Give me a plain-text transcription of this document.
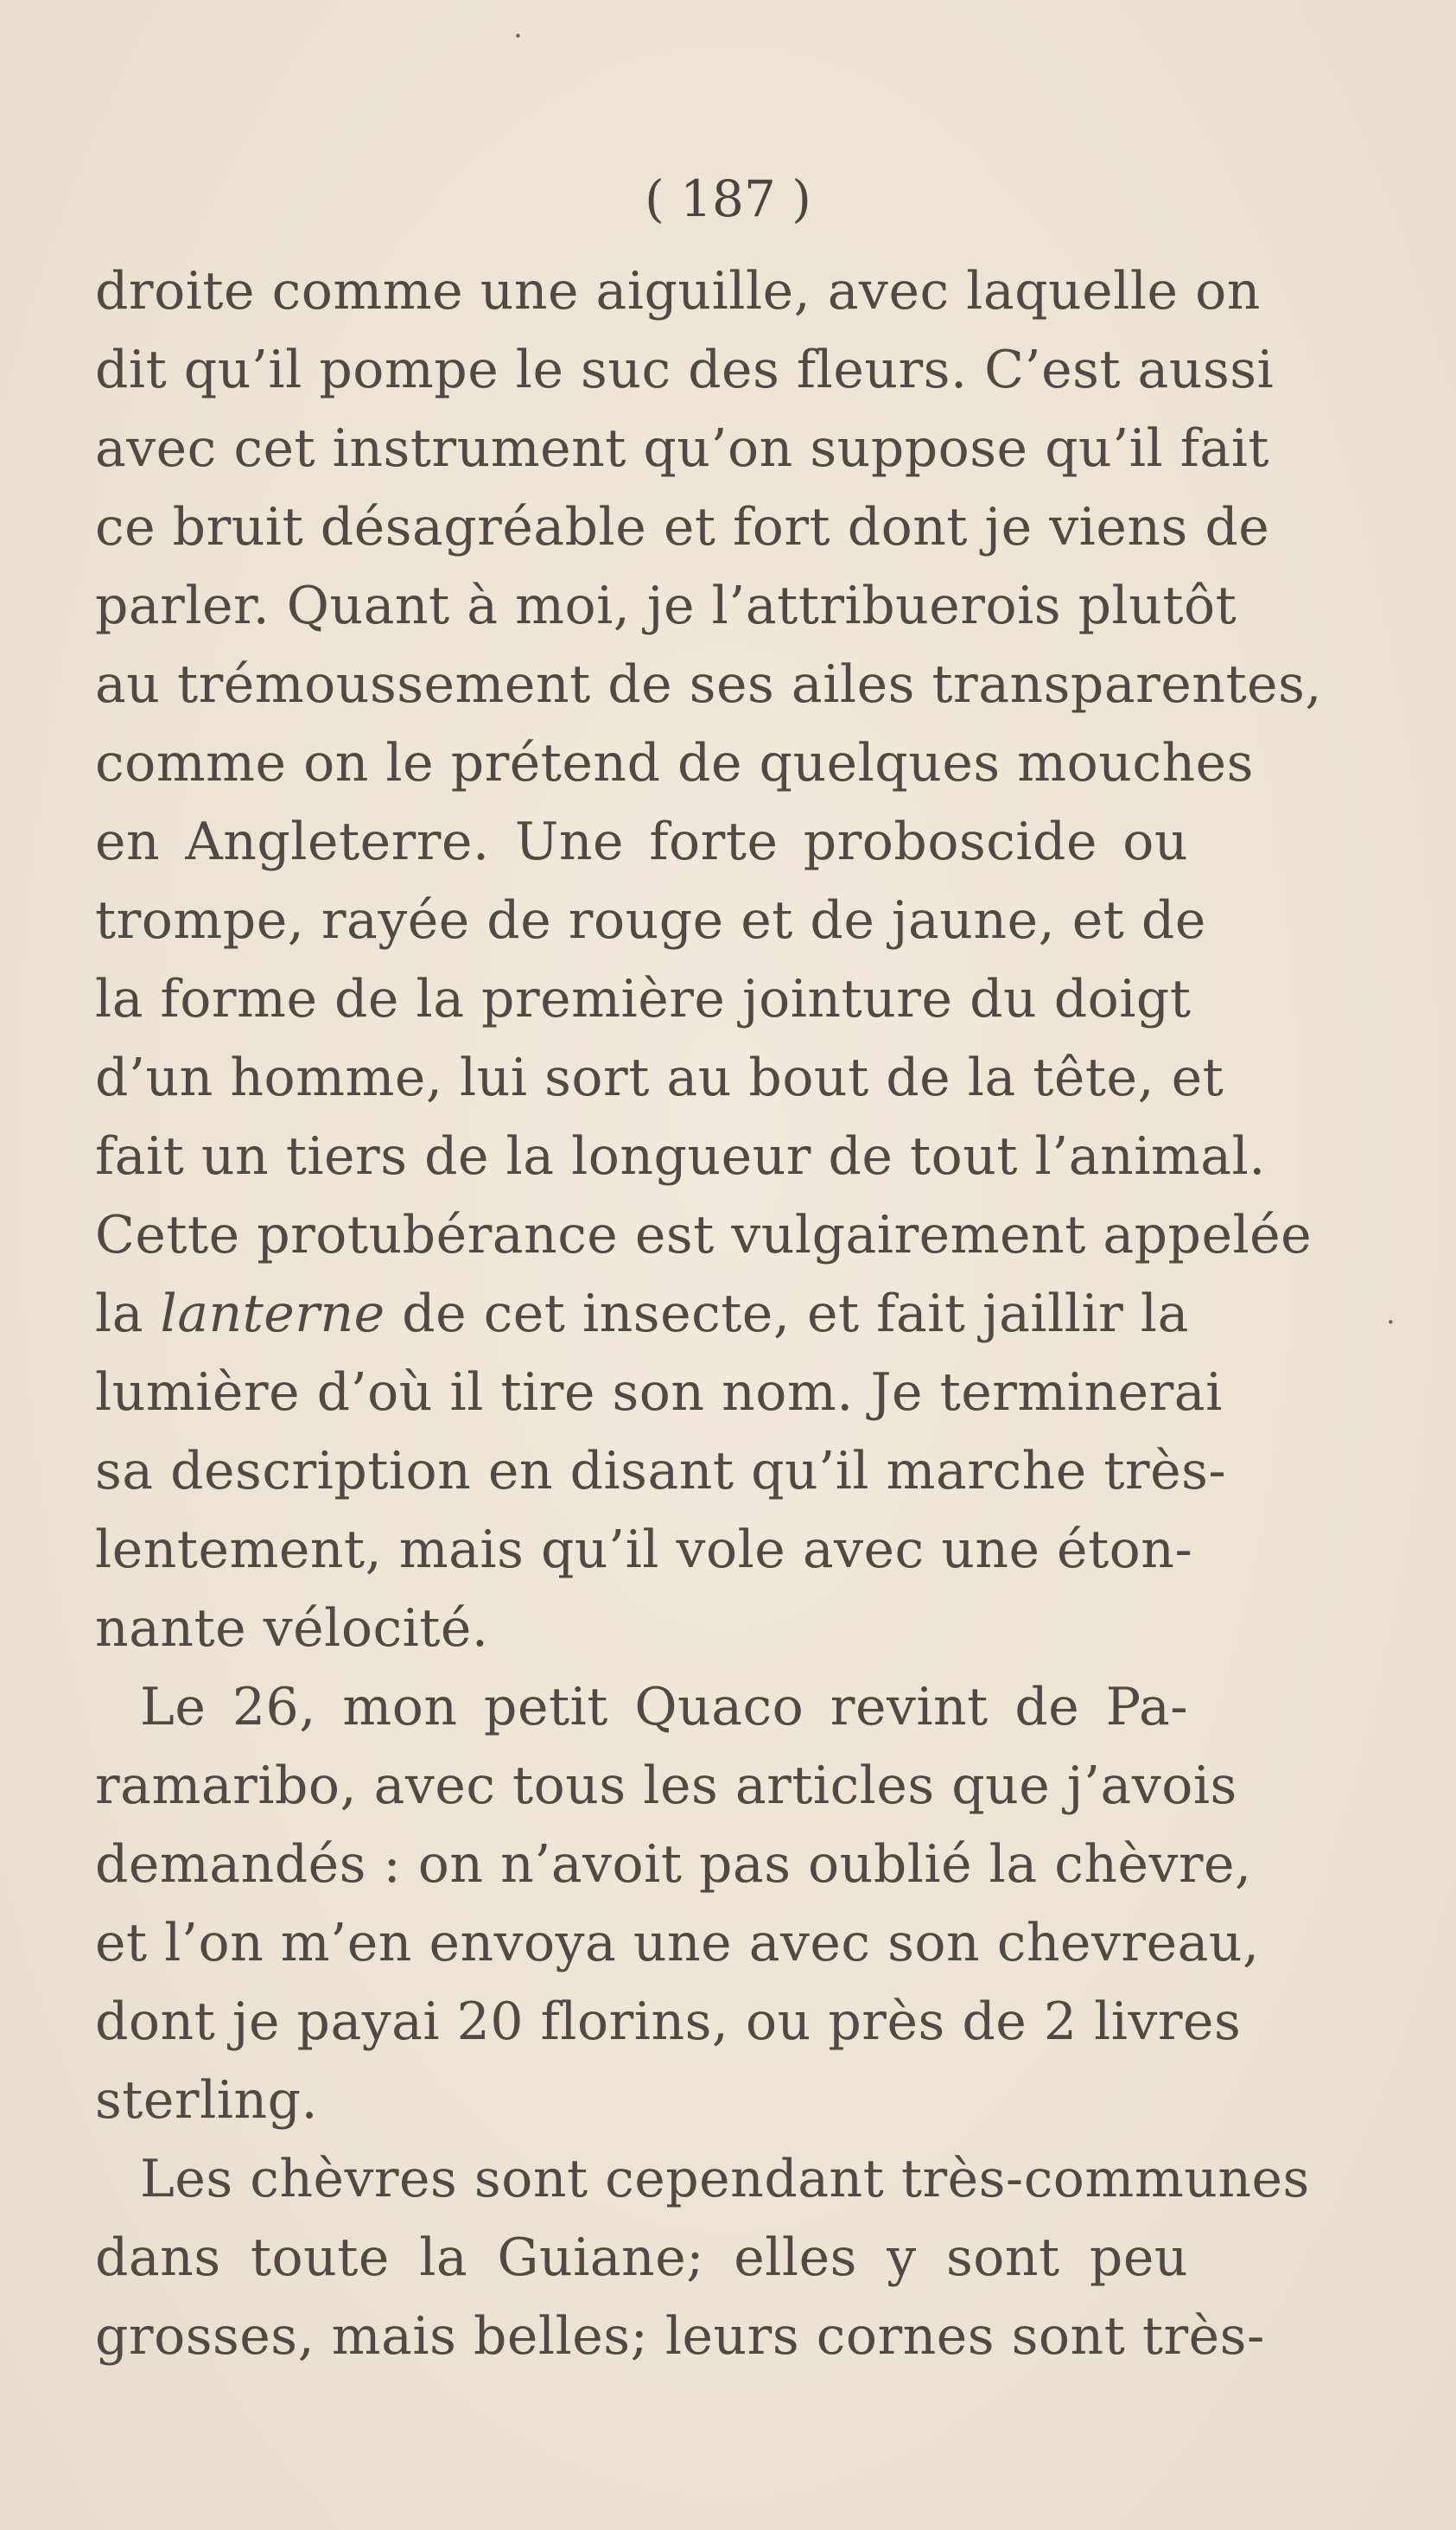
·
·
( 187 )
droite comme une aiguille, avec laquelle on
dit qu’il pompe le suc des fleurs. C’est aussi
avec cet instrument qu’on suppose qu’il fait
ce bruit désagréable et fort dont je viens de
parler. Quant à moi, je l’attribuerois plutôt
au trémoussement de ses ailes transparentes,
comme on le prétend de quelques mouches
en Angleterre. Une forte proboscide ou
trompe, rayée de rouge et de jaune, et de
la forme de la première jointure du doigt
d’un homme, lui sort au bout de la tête, et
fait un tiers de la longueur de tout l’animal.
Cette protubérance est vulgairement appelée
la lanterne de cet insecte, et fait jaillir la
lumière d’où il tire son nom. Je terminerai
sa description en disant qu’il marche très-
lentement, mais qu’il vole avec une éton-
nante vélocité.
Le 26, mon petit Quaco revint de Pa-
ramaribo, avec tous les articles que j’avois
demandés : on n’avoit pas oublié la chèvre,
et l’on m’en envoya une avec son chevreau,
dont je payai 20 florins, ou près de 2 livres
sterling.
Les chèvres sont cependant très-communes
dans toute la Guiane; elles y sont peu
grosses, mais belles; leurs cornes sont très-
